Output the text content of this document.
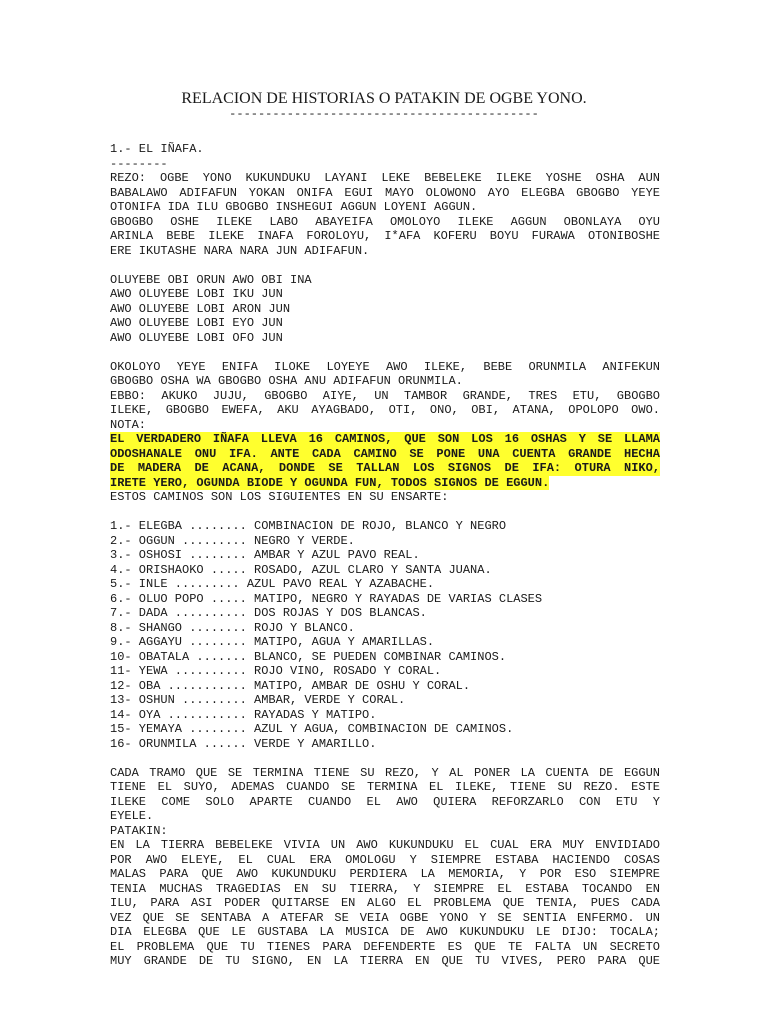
RELACION DE HISTORIAS O PATAKIN DE OGBE YONO.
-------------------------------------------
1.- EL IÑAFA.
--------
REZO: OGBE YONO KUKUNDUKU LAYANI LEKE BEBELEKE ILEKE YOSHE OSHA AUN
BABALAWO ADIFAFUN YOKAN ONIFA EGUI MAYO OLOWONO AYO ELEGBA GBOGBO YEYE
OTONIFA IDA ILU GBOGBO INSHEGUI AGGUN LOYENI AGGUN.
GBOGBO OSHE ILEKE LABO ABAYEIFA OMOLOYO ILEKE AGGUN OBONLAYA OYU
ARINLA BEBE ILEKE INAFA FOROLOYU, I*AFA KOFERU BOYU FURAWA OTONIBOSHE
ERE IKUTASHE NARA NARA JUN ADIFAFUN.
OLUYEBE OBI ORUN AWO OBI INA
AWO OLUYEBE LOBI IKU JUN
AWO OLUYEBE LOBI ARON JUN
AWO OLUYEBE LOBI EYO JUN
AWO OLUYEBE LOBI OFO JUN
OKOLOYO YEYE ENIFA ILOKE LOYEYE AWO ILEKE, BEBE ORUNMILA ANIFEKUN
GBOGBO OSHA WA GBOGBO OSHA ANU ADIFAFUN ORUNMILA.
EBBO: AKUKO JUJU, GBOGBO AIYE, UN TAMBOR GRANDE, TRES ETU, GBOGBO
ILEKE, GBOGBO EWEFA, AKU AYAGBADO, OTI, ONO, OBI, ATANA, OPOLOPO OWO.
NOTA:
EL VERDADERO IÑAFA LLEVA 16 CAMINOS, QUE SON LOS 16 OSHAS Y SE LLAMA
ODOSHANALE ONU IFA. ANTE CADA CAMINO SE PONE UNA CUENTA GRANDE HECHA
DE MADERA DE ACANA, DONDE SE TALLAN LOS SIGNOS DE IFA: OTURA NIKO,
IRETE YERO, OGUNDA BIODE Y OGUNDA FUN, TODOS SIGNOS DE EGGUN.
ESTOS CAMINOS SON LOS SIGUIENTES EN SU ENSARTE:
1.- ELEGBA ........ COMBINACION DE ROJO, BLANCO Y NEGRO
2.- OGGUN ......... NEGRO Y VERDE.
3.- OSHOSI ........ AMBAR Y AZUL PAVO REAL.
4.- ORISHAOKO ..... ROSADO, AZUL CLARO Y SANTA JUANA.
5.- INLE ......... AZUL PAVO REAL Y AZABACHE.
6.- OLUO POPO ..... MATIPO, NEGRO Y RAYADAS DE VARIAS CLASES
7.- DADA .......... DOS ROJAS Y DOS BLANCAS.
8.- SHANGO ........ ROJO Y BLANCO.
9.- AGGAYU ........ MATIPO, AGUA Y AMARILLAS.
10- OBATALA ....... BLANCO, SE PUEDEN COMBINAR CAMINOS.
11- YEWA .......... ROJO VINO, ROSADO Y CORAL.
12- OBA ........... MATIPO, AMBAR DE OSHU Y CORAL.
13- OSHUN ......... AMBAR, VERDE Y CORAL.
14- OYA ........... RAYADAS Y MATIPO.
15- YEMAYA ........ AZUL Y AGUA, COMBINACION DE CAMINOS.
16- ORUNMILA ...... VERDE Y AMARILLO.
CADA TRAMO QUE SE TERMINA TIENE SU REZO, Y AL PONER LA CUENTA DE EGGUN
TIENE EL SUYO, ADEMAS CUANDO SE TERMINA EL ILEKE, TIENE SU REZO. ESTE
ILEKE COME SOLO APARTE CUANDO EL AWO QUIERA REFORZARLO CON ETU Y
EYELE.
PATAKIN:
EN LA TIERRA BEBELEKE VIVIA UN AWO KUKUNDUKU EL CUAL ERA MUY ENVIDIADO
POR AWO ELEYE, EL CUAL ERA OMOLOGU Y SIEMPRE ESTABA HACIENDO COSAS
MALAS PARA QUE AWO KUKUNDUKU PERDIERA LA MEMORIA, Y POR ESO SIEMPRE
TENIA MUCHAS TRAGEDIAS EN SU TIERRA, Y SIEMPRE EL ESTABA TOCANDO EN
ILU, PARA ASI PODER QUITARSE EN ALGO EL PROBLEMA QUE TENIA, PUES CADA
VEZ QUE SE SENTABA A ATEFAR SE VEIA OGBE YONO Y SE SENTIA ENFERMO. UN
DIA ELEGBA QUE LE GUSTABA LA MUSICA DE AWO KUKUNDUKU LE DIJO: TOCALA;
EL PROBLEMA QUE TU TIENES PARA DEFENDERTE ES QUE TE FALTA UN SECRETO
MUY GRANDE DE TU SIGNO, EN LA TIERRA EN QUE TU VIVES, PERO PARA QUE
